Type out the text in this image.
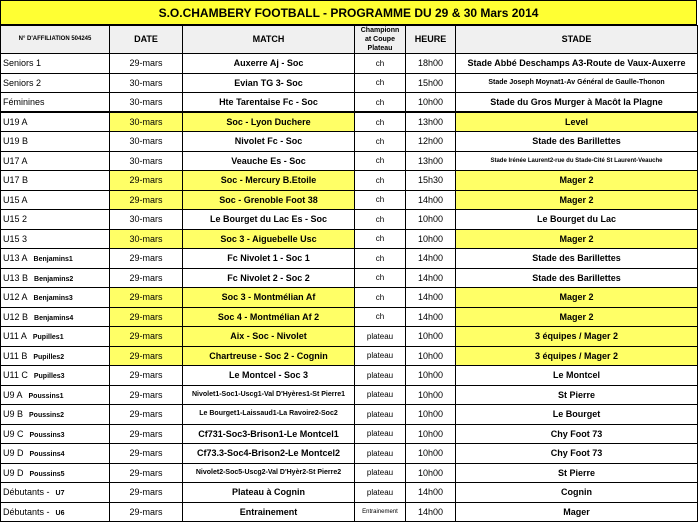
S.O.CHAMBERY FOOTBALL - PROGRAMME DU 29 & 30 Mars 2014
N° D'AFFILIATION 504245	DATE	MATCH	Championn at Coupe Plateau	HEURE	STADE
Seniors 1	29-mars	Auxerre Aj - Soc	ch	18h00	Stade Abbé Deschamps A3-Route de Vaux-Auxerre
Seniors 2	30-mars	Evian TG 3- Soc	ch	15h00	Stade Joseph Moynat1-Av Général de Gaulle-Thonon
Féminines	30-mars	Hte Tarentaise Fc - Soc	ch	10h00	Stade du Gros Murger à Macôt la Plagne
U19 A	30-mars	Soc - Lyon Duchere	ch	13h00	Level
U19 B	30-mars	Nivolet Fc - Soc	ch	12h00	Stade des Barillettes
U17 A	30-mars	Veauche Es - Soc	ch	13h00	Stade Irénée Laurent2-rue du Stade-Cité St Laurent-Veauche
U17 B	29-mars	Soc - Mercury B.Etoile	ch	15h30	Mager 2
U15 A	29-mars	Soc - Grenoble Foot 38	ch	14h00	Mager 2
U15 2	30-mars	Le Bourget du Lac Es - Soc	ch	10h00	Le Bourget du Lac
U15 3	30-mars	Soc 3 - Aiguebelle Usc	ch	10h00	Mager 2
U13 A Benjamins1	29-mars	Fc Nivolet 1 - Soc 1	ch	14h00	Stade des Barillettes
U13 B Benjamins2	29-mars	Fc Nivolet 2 - Soc 2	ch	14h00	Stade des Barillettes
U12 A Benjamins3	29-mars	Soc 3 - Montmélian Af	ch	14h00	Mager 2
U12 B Benjamins4	29-mars	Soc 4 - Montmélian Af 2	ch	14h00	Mager 2
U11 A Pupilles1	29-mars	Aix - Soc - Nivolet	plateau	10h00	3 équipes / Mager 2
U11 B Pupilles2	29-mars	Chartreuse - Soc 2 - Cognin	plateau	10h00	3 équipes / Mager 2
U11 C Pupilles3	29-mars	Le Montcel - Soc 3	plateau	10h00	Le Montcel
U9 A Poussins1	29-mars	Nivolet1-Soc1-Uscg1-Val D'Hyères1-St Pierre1	plateau	10h00	St Pierre
U9 B Poussins2	29-mars	Le Bourget1-Laissaud1-La Ravoire2-Soc2	plateau	10h00	Le Bourget
U9 C Poussins3	29-mars	Cf731-Soc3-Brison1-Le Montcel1	plateau	10h00	Chy Foot 73
U9 D Poussins4	29-mars	Cf73.3-Soc4-Brison2-Le Montcel2	plateau	10h00	Chy Foot 73
U9 D Poussins5	29-mars	Nivolet2-Soc5-Uscg2-Val D'Hyèr2-St Pierre2	plateau	10h00	St Pierre
Débutants - U7	29-mars	Plateau à Cognin	plateau	14h00	Cognin
Débutants - U6	29-mars	Entrainement	Entrainement	14h00	Mager
